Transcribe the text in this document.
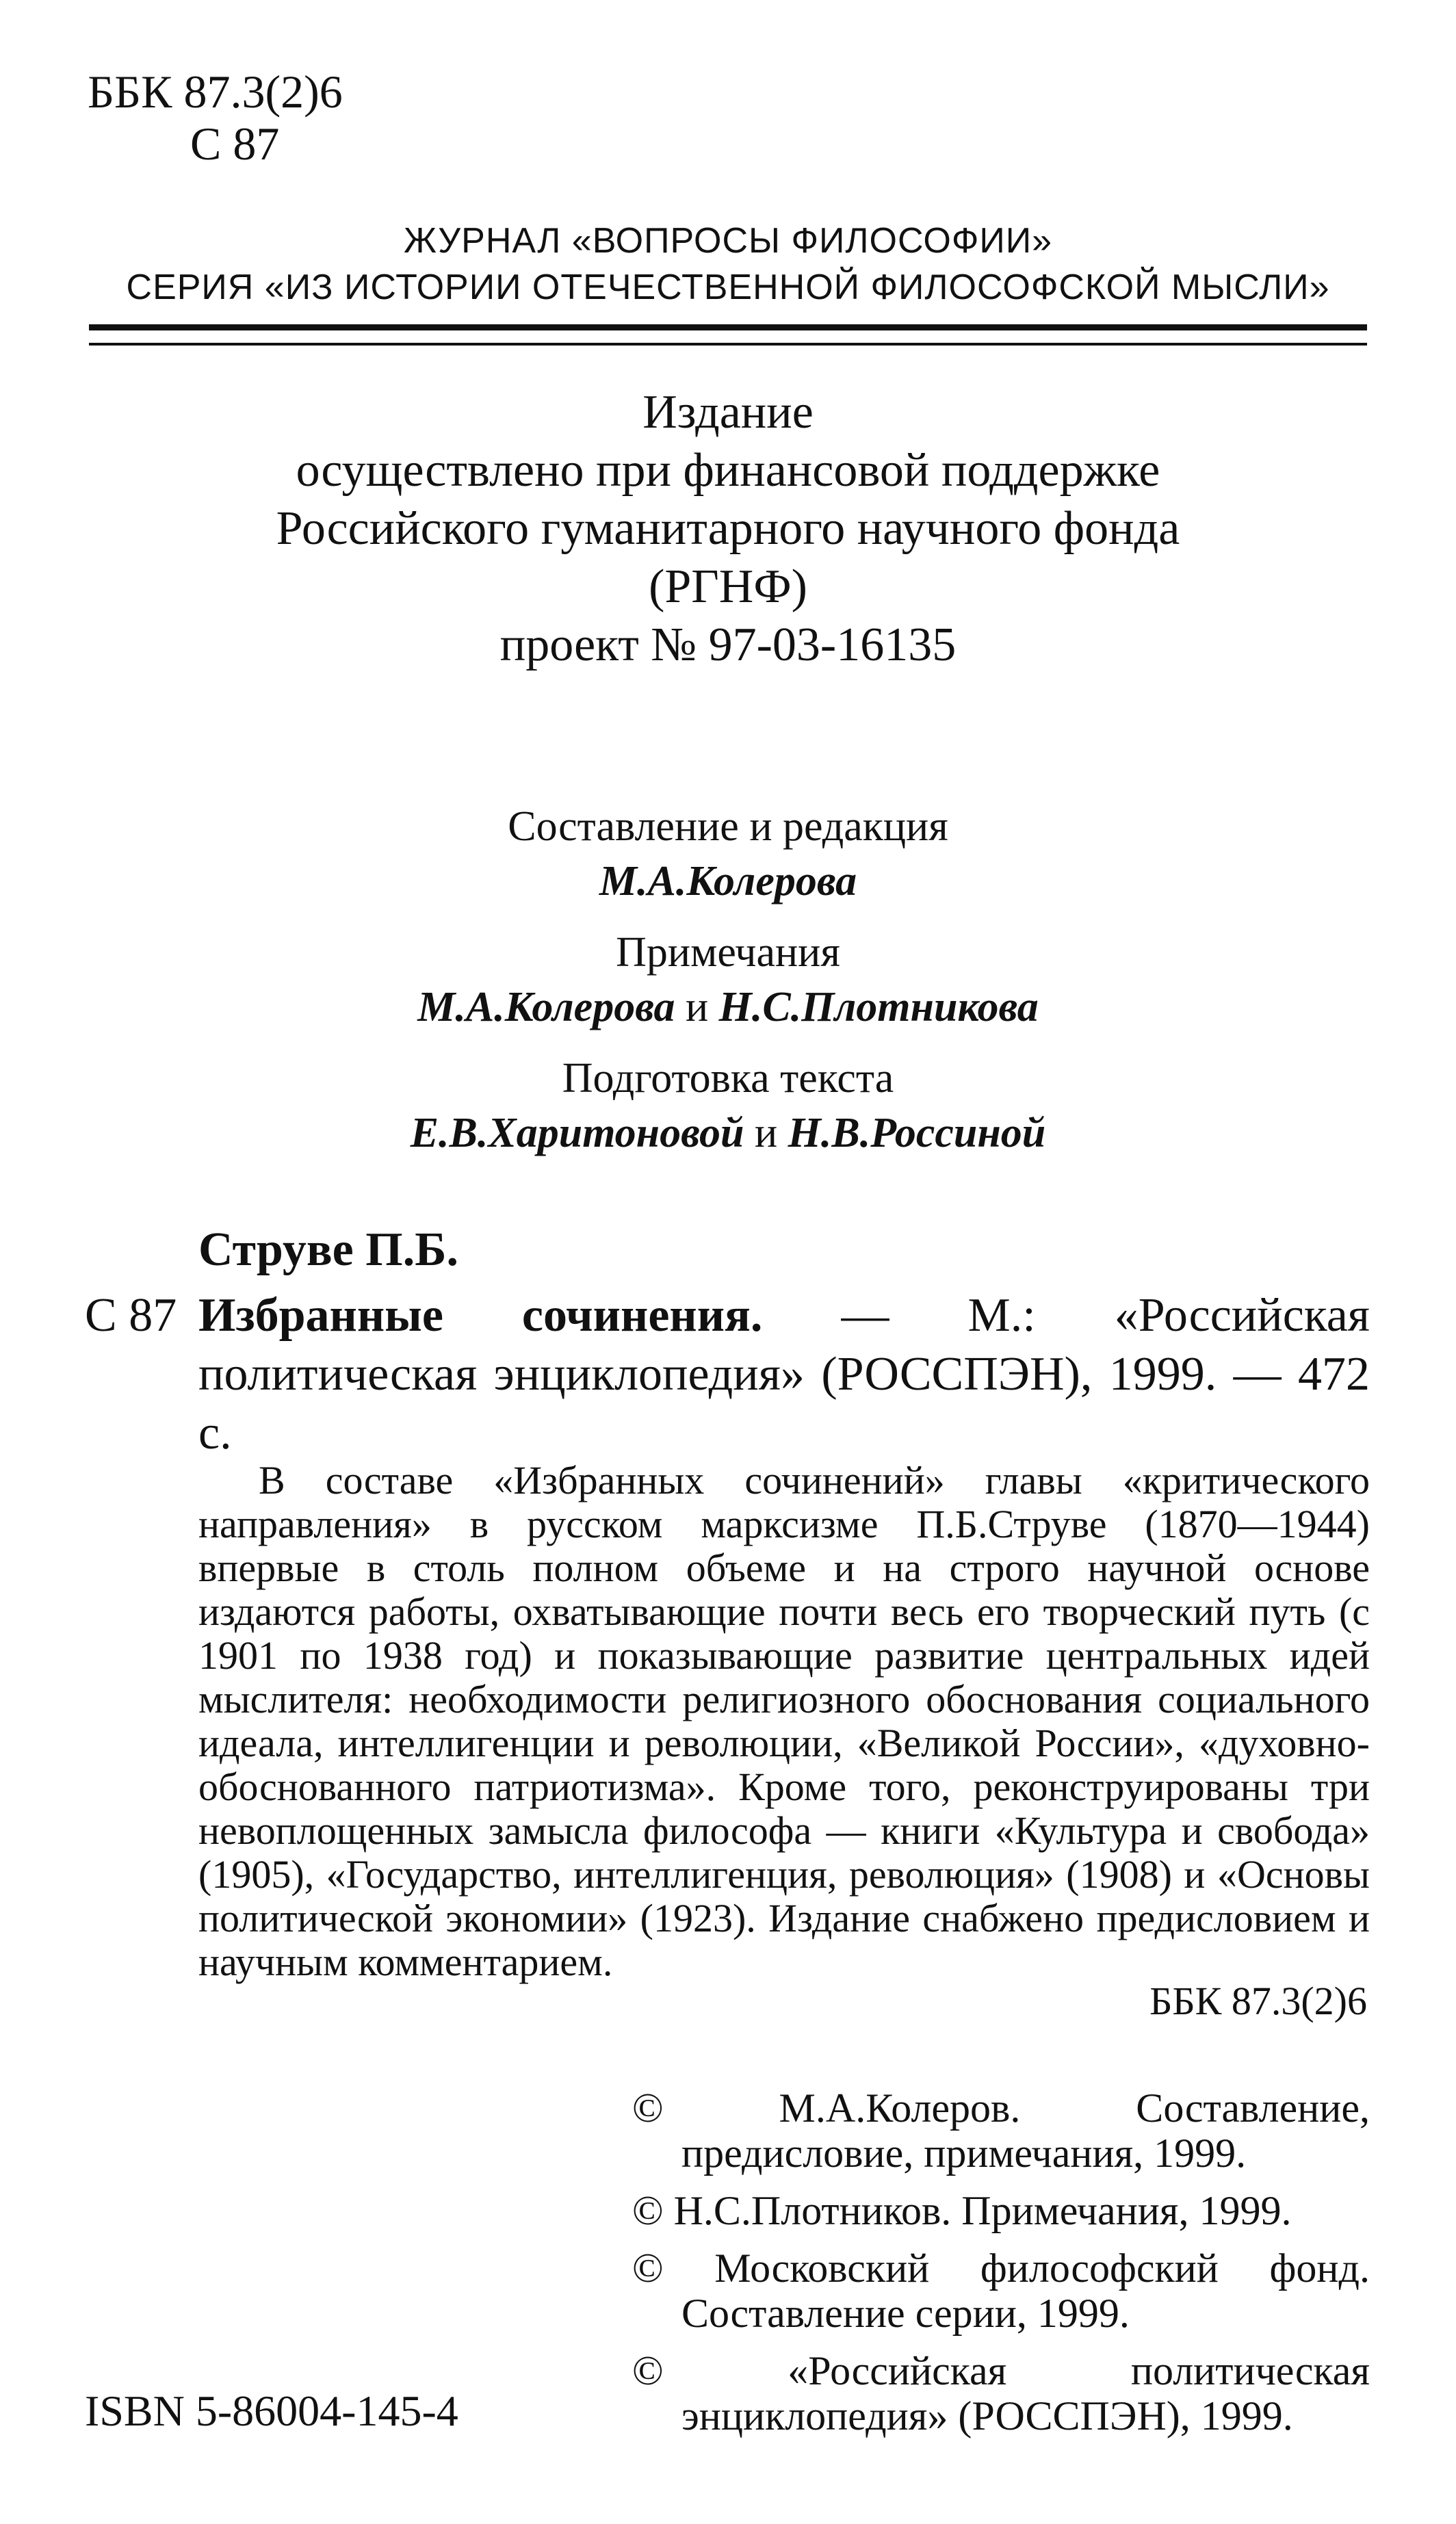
ББК 87.3(2)6
С 87
ЖУРНАЛ «ВОПРОСЫ ФИЛОСОФИИ»
СЕРИЯ «ИЗ ИСТОРИИ ОТЕЧЕСТВЕННОЙ ФИЛОСОФСКОЙ МЫСЛИ»
Издание
осуществлено при финансовой поддержке
Российского гуманитарного научного фонда
(РГНФ)
проект № 97-03-16135
Составление и редакция
М.А.Колерова
Примечания
М.А.Колерова и Н.С.Плотникова
Подготовка текста
Е.В.Харитоновой и Н.В.Россиной
Струве П.Б.
С 87 Избранные сочинения. — М.: «Российская политическая энциклопедия» (РОССПЭН), 1999. — 472 с.
В составе «Избранных сочинений» главы «критического направления» в русском марксизме П.Б.Струве (1870—1944) впервые в столь полном объеме и на строго научной основе издаются работы, охватывающие почти весь его творческий путь (с 1901 по 1938 год) и показывающие развитие центральных идей мыслителя: необходимости религиозного обоснования социального идеала, интеллигенции и революции, «Великой России», «духовно-обоснованного патриотизма». Кроме того, реконструированы три невоплощенных замысла философа — книги «Культура и свобода» (1905), «Государство, интеллигенция, революция» (1908) и «Основы политической экономии» (1923). Издание снабжено предисловием и научным комментарием.
ББК 87.3(2)6
© М.А.Колеров. Составление, предисловие, примечания, 1999.
© Н.С.Плотников. Примечания, 1999.
© Московский философский фонд. Составление серии, 1999.
© «Российская политическая энциклопедия» (РОССПЭН), 1999.
ISBN 5-86004-145-4
